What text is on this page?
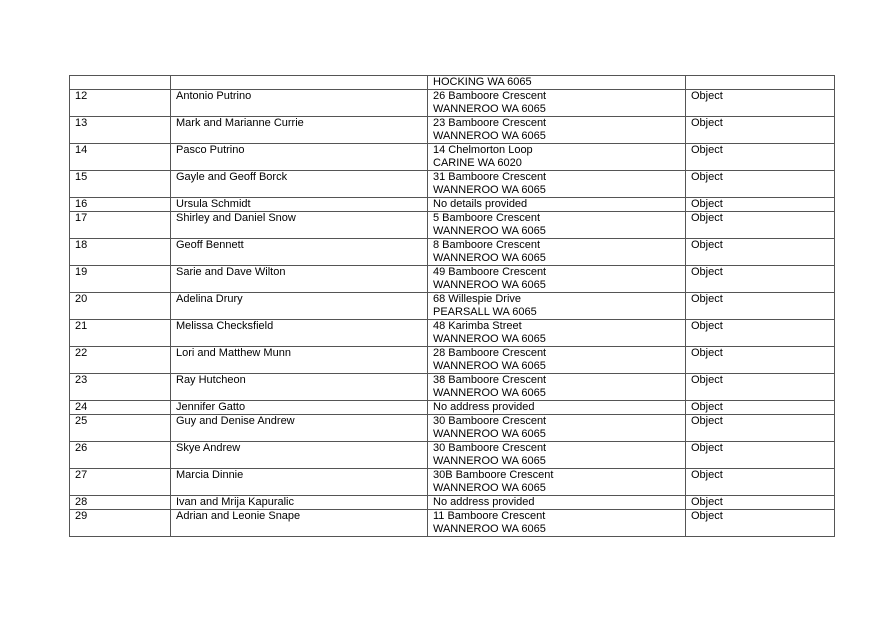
		HOCKING WA 6065	

12	Antonio Putrino	26 Bamboore Crescent
WANNEROO WA 6065	Object
13	Mark and Marianne Currie	23 Bamboore Crescent
WANNEROO WA 6065	Object
14	Pasco Putrino	14 Chelmorton Loop
CARINE WA 6020	Object
15	Gayle and Geoff Borck	31 Bamboore Crescent
WANNEROO WA 6065	Object
16	Ursula Schmidt	No details provided	Object
17	Shirley and Daniel Snow	5 Bamboore Crescent
WANNEROO WA 6065	Object
18	Geoff Bennett	8 Bamboore Crescent
WANNEROO WA 6065	Object
19	Sarie and Dave Wilton	49 Bamboore Crescent
WANNEROO WA 6065	Object
20	Adelina Drury	68 Willespie Drive
PEARSALL WA 6065	Object
21	Melissa Checksfield	48 Karimba Street
WANNEROO WA 6065	Object
22	Lori and Matthew Munn	28 Bamboore Crescent
WANNEROO WA 6065	Object
23	Ray Hutcheon	38 Bamboore Crescent
WANNEROO WA 6065	Object
24	Jennifer Gatto	No address provided	Object
25	Guy and Denise Andrew	30 Bamboore Crescent
WANNEROO WA 6065	Object
26	Skye Andrew	30 Bamboore Crescent
WANNEROO WA 6065	Object
27	Marcia Dinnie	30B Bamboore Crescent
WANNEROO WA 6065	Object
28	Ivan and Mrija Kapuralic	No address provided	Object
29	Adrian and Leonie Snape	11 Bamboore Crescent
WANNEROO WA 6065	Object
